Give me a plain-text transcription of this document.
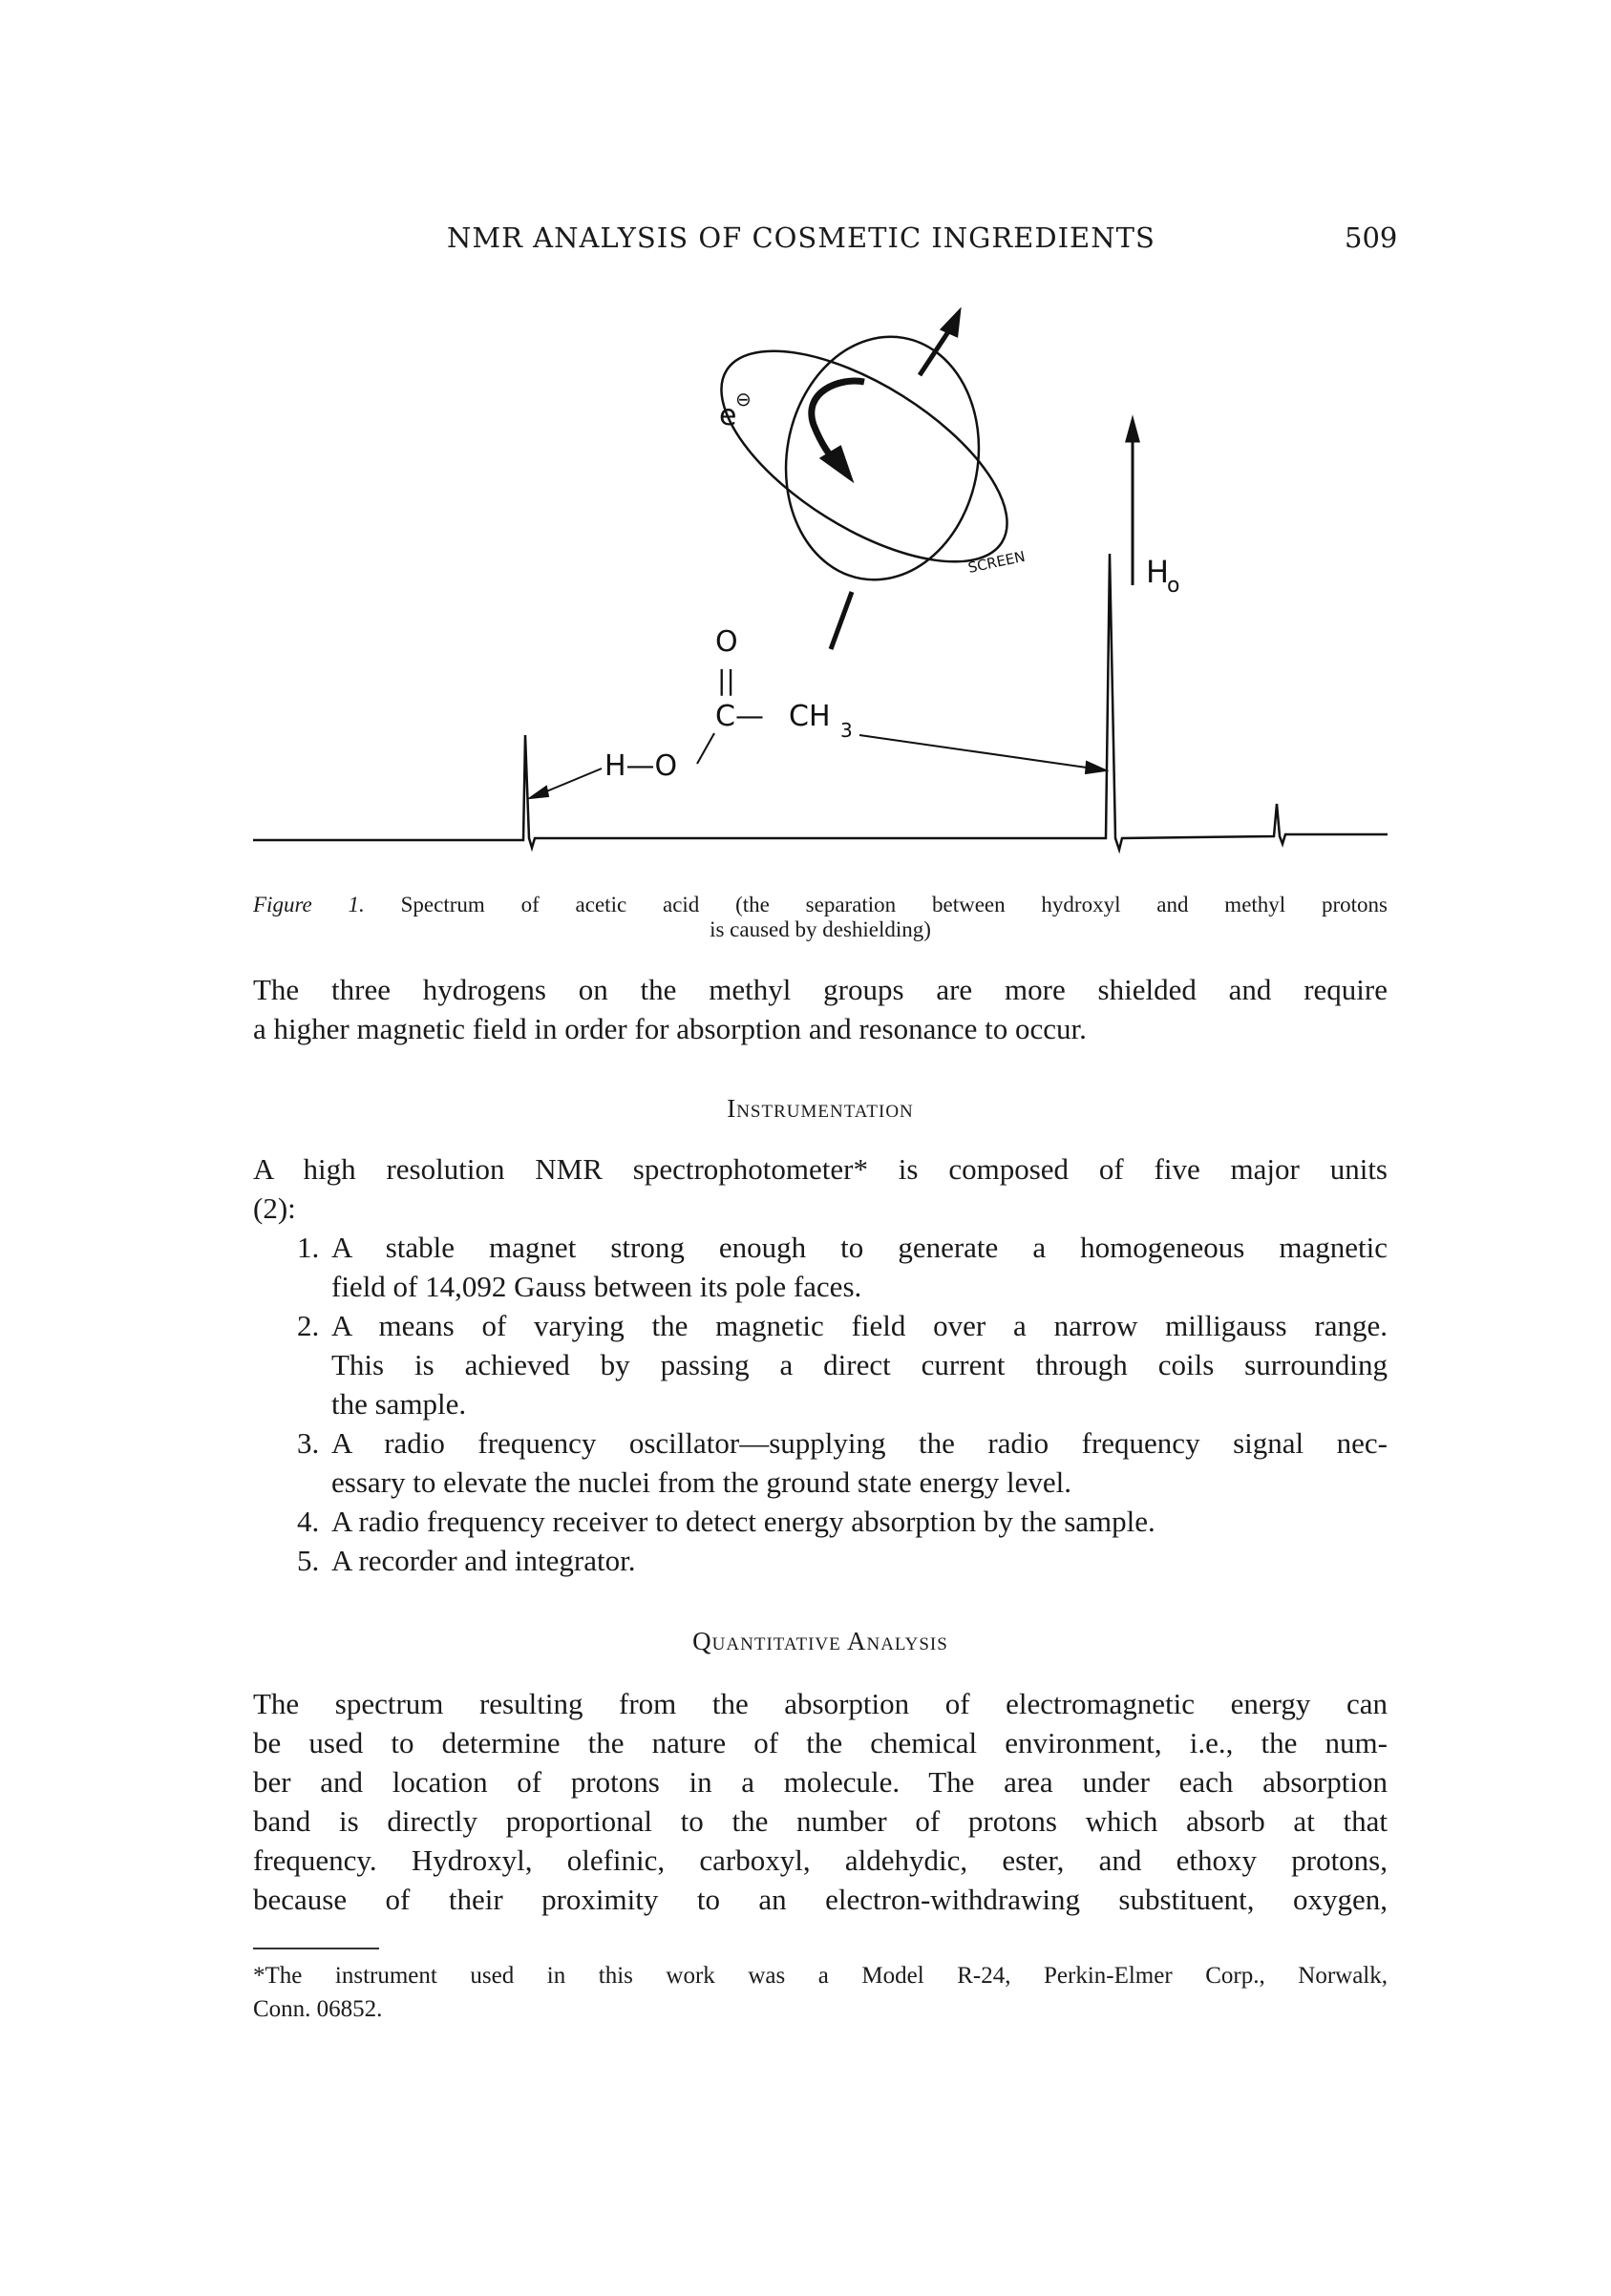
NMR ANALYSIS OF COSMETIC INGREDIENTS	509
e
⊖
SCREEN	H
o
O
||
C— CH 3
H—O
Figure 1. Spectrum of acetic acid (the separation between hydroxyl and methyl protons
is caused by deshielding)
The three hydrogens on the methyl groups are more shielded and require
a higher magnetic field in order for absorption and resonance to occur.
Instrumentation
A high resolution NMR spectrophotometer* is composed of five major units
(2):
1. A stable magnet strong enough to generate a homogeneous magnetic
field of 14,092 Gauss between its pole faces.
2. A means of varying the magnetic field over a narrow milligauss range.
This is achieved by passing a direct current through coils surrounding
the sample.
3. A radio frequency oscillator—supplying the radio frequency signal nec-
essary to elevate the nuclei from the ground state energy level.
4. A radio frequency receiver to detect energy absorption by the sample.
5. A recorder and integrator.
Quantitative Analysis
The spectrum resulting from the absorption of electromagnetic energy can
be used to determine the nature of the chemical environment, i.e., the num-
ber and location of protons in a molecule. The area under each absorption
band is directly proportional to the number of protons which absorb at that
frequency. Hydroxyl, olefinic, carboxyl, aldehydic, ester, and ethoxy protons,
because of their proximity to an electron-withdrawing substituent, oxygen,
*The instrument used in this work was a Model R-24, Perkin-Elmer Corp., Norwalk,
Conn. 06852.
